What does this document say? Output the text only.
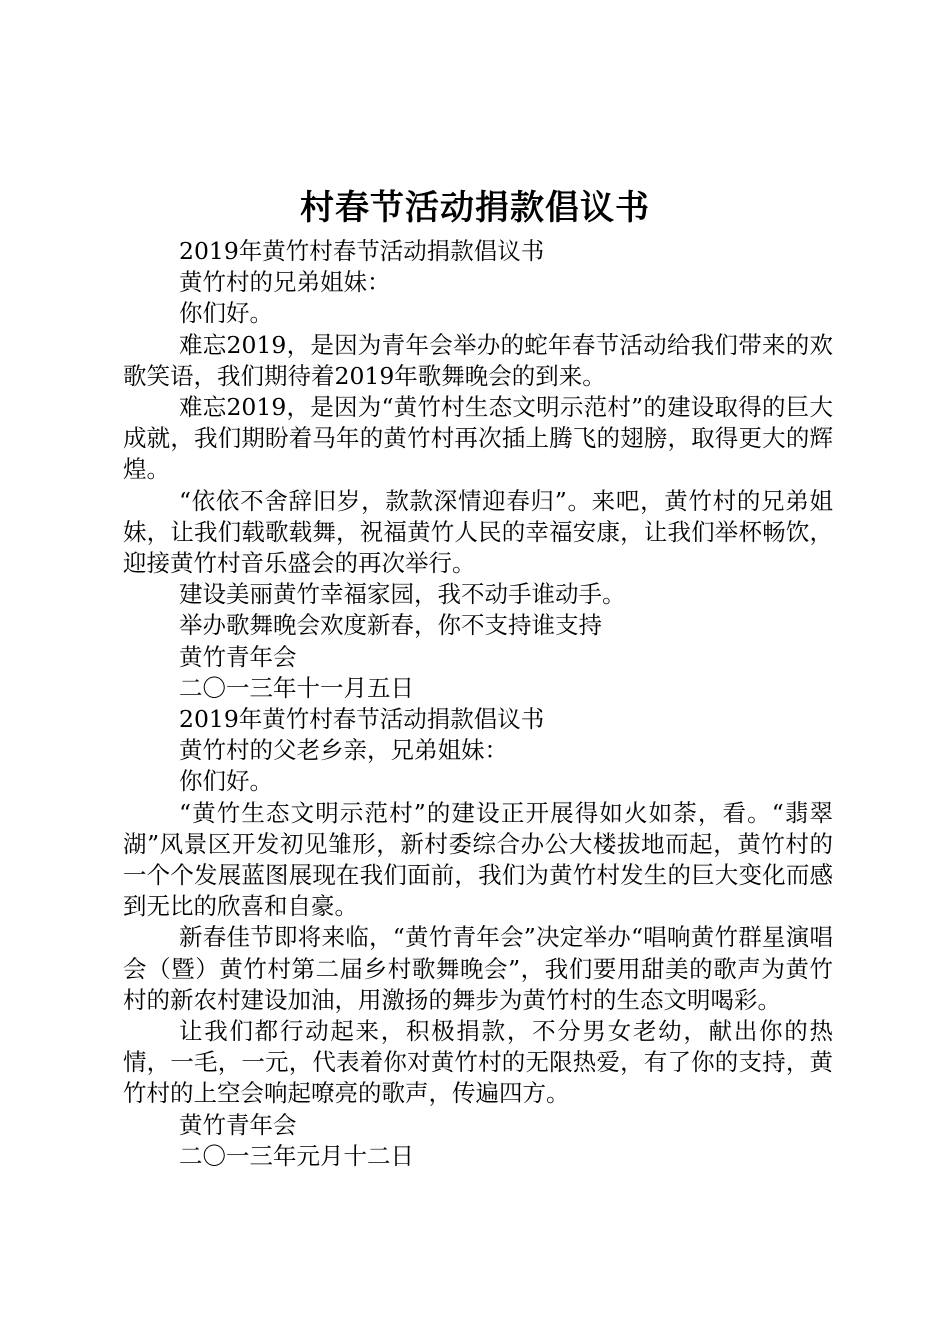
村春节活动捐款倡议书

2019年黄竹村春节活动捐款倡议书

黄竹村的兄弟姐妹：

你们好。

难忘2019，是因为青年会举办的蛇年春节活动给我们带来的欢歌笑语，我们期待着2019年歌舞晚会的到来。

难忘2019，是因为“黄竹村生态文明示范村”的建设取得的巨大成就，我们期盼着马年的黄竹村再次插上腾飞的翅膀，取得更大的辉煌。

“依依不舍辞旧岁，款款深情迎春归”。来吧，黄竹村的兄弟姐妹，让我们载歌载舞，祝福黄竹人民的幸福安康，让我们举杯畅饮，迎接黄竹村音乐盛会的再次举行。

建设美丽黄竹幸福家园，我不动手谁动手。

举办歌舞晚会欢度新春，你不支持谁支持

黄竹青年会

二〇一三年十一月五日

2019年黄竹村春节活动捐款倡议书

黄竹村的父老乡亲，兄弟姐妹：

你们好。

“黄竹生态文明示范村”的建设正开展得如火如荼，看。“翡翠湖”风景区开发初见雏形，新村委综合办公大楼拔地而起，黄竹村的一个个发展蓝图展现在我们面前，我们为黄竹村发生的巨大变化而感到无比的欣喜和自豪。

新春佳节即将来临，“黄竹青年会”决定举办“唱响黄竹群星演唱会（暨）黄竹村第二届乡村歌舞晚会”，我们要用甜美的歌声为黄竹村的新农村建设加油，用激扬的舞步为黄竹村的生态文明喝彩。

让我们都行动起来，积极捐款，不分男女老幼，献出你的热情，一毛，一元，代表着你对黄竹村的无限热爱，有了你的支持，黄竹村的上空会响起嘹亮的歌声，传遍四方。

黄竹青年会

二〇一三年元月十二日
